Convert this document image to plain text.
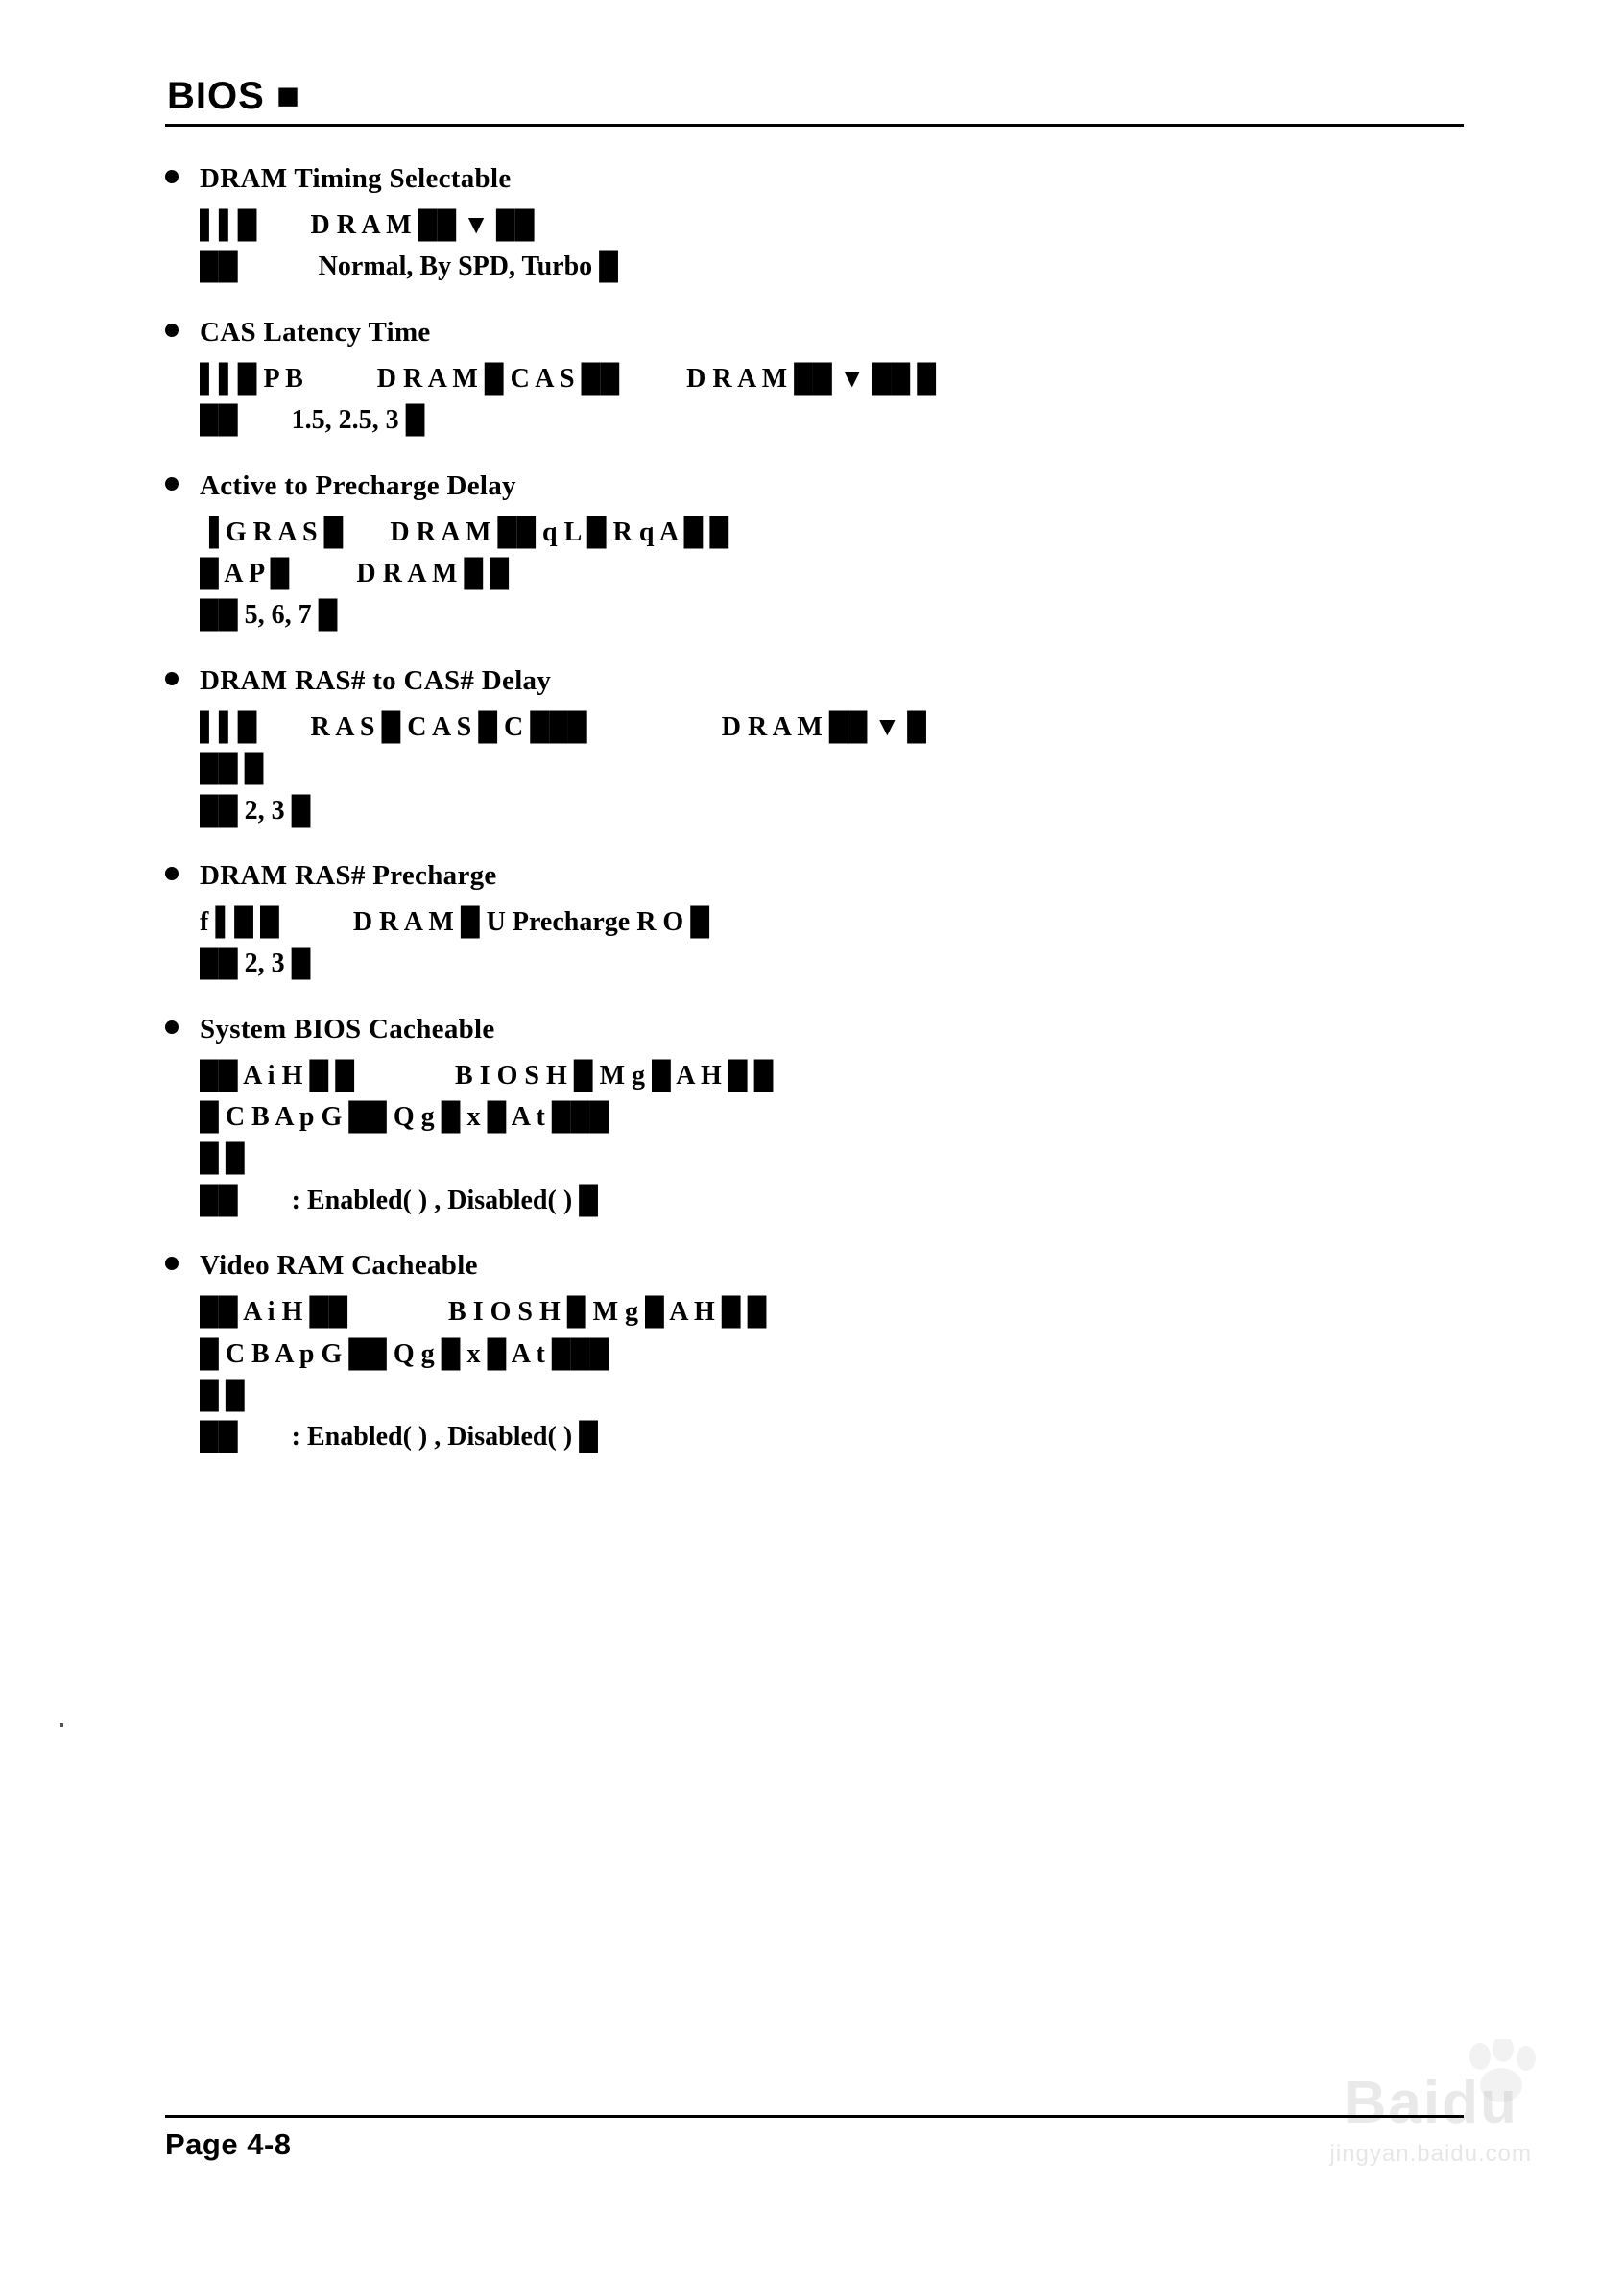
BIOS ■
DRAM Timing Selectable
▌▌█        D R A M ██ ▼ ██
██            Normal, By SPD, Turbo █
CAS Latency Time
▌▌█ P B           D R A M █ C A S ██          D R A M ██ ▼ ██ █
██        1.5, 2.5, 3 █
Active to Precharge Delay
▐ G R A S █       D R A M ██ q L █ R q A █ █
█ A P █          D R A M █ █
██ 5, 6, 7 █
DRAM RAS# to CAS# Delay
▌▌█        R A S █ C A S █ C ███                    D R A M ██ ▼ █
██ █
██ 2, 3 █
DRAM RAS# Precharge
f ▌█ █           D R A M █ U Precharge R O █
██ 2, 3 █
System BIOS Cacheable
██ A i H █ █               B I O S H █ M g █ A H █ █
█ C B A p G ██ Q g █ x █ A t ███
█ █
██        : Enabled( ) , Disabled( ) █
Video RAM Cacheable
██ A i H ██               B I O S H █ M g █ A H █ █
█ C B A p G ██ Q g █ x █ A t ███
█ █
██        : Enabled( ) , Disabled( ) █
Baidu
jingyan.baidu.com
Page 4-8
